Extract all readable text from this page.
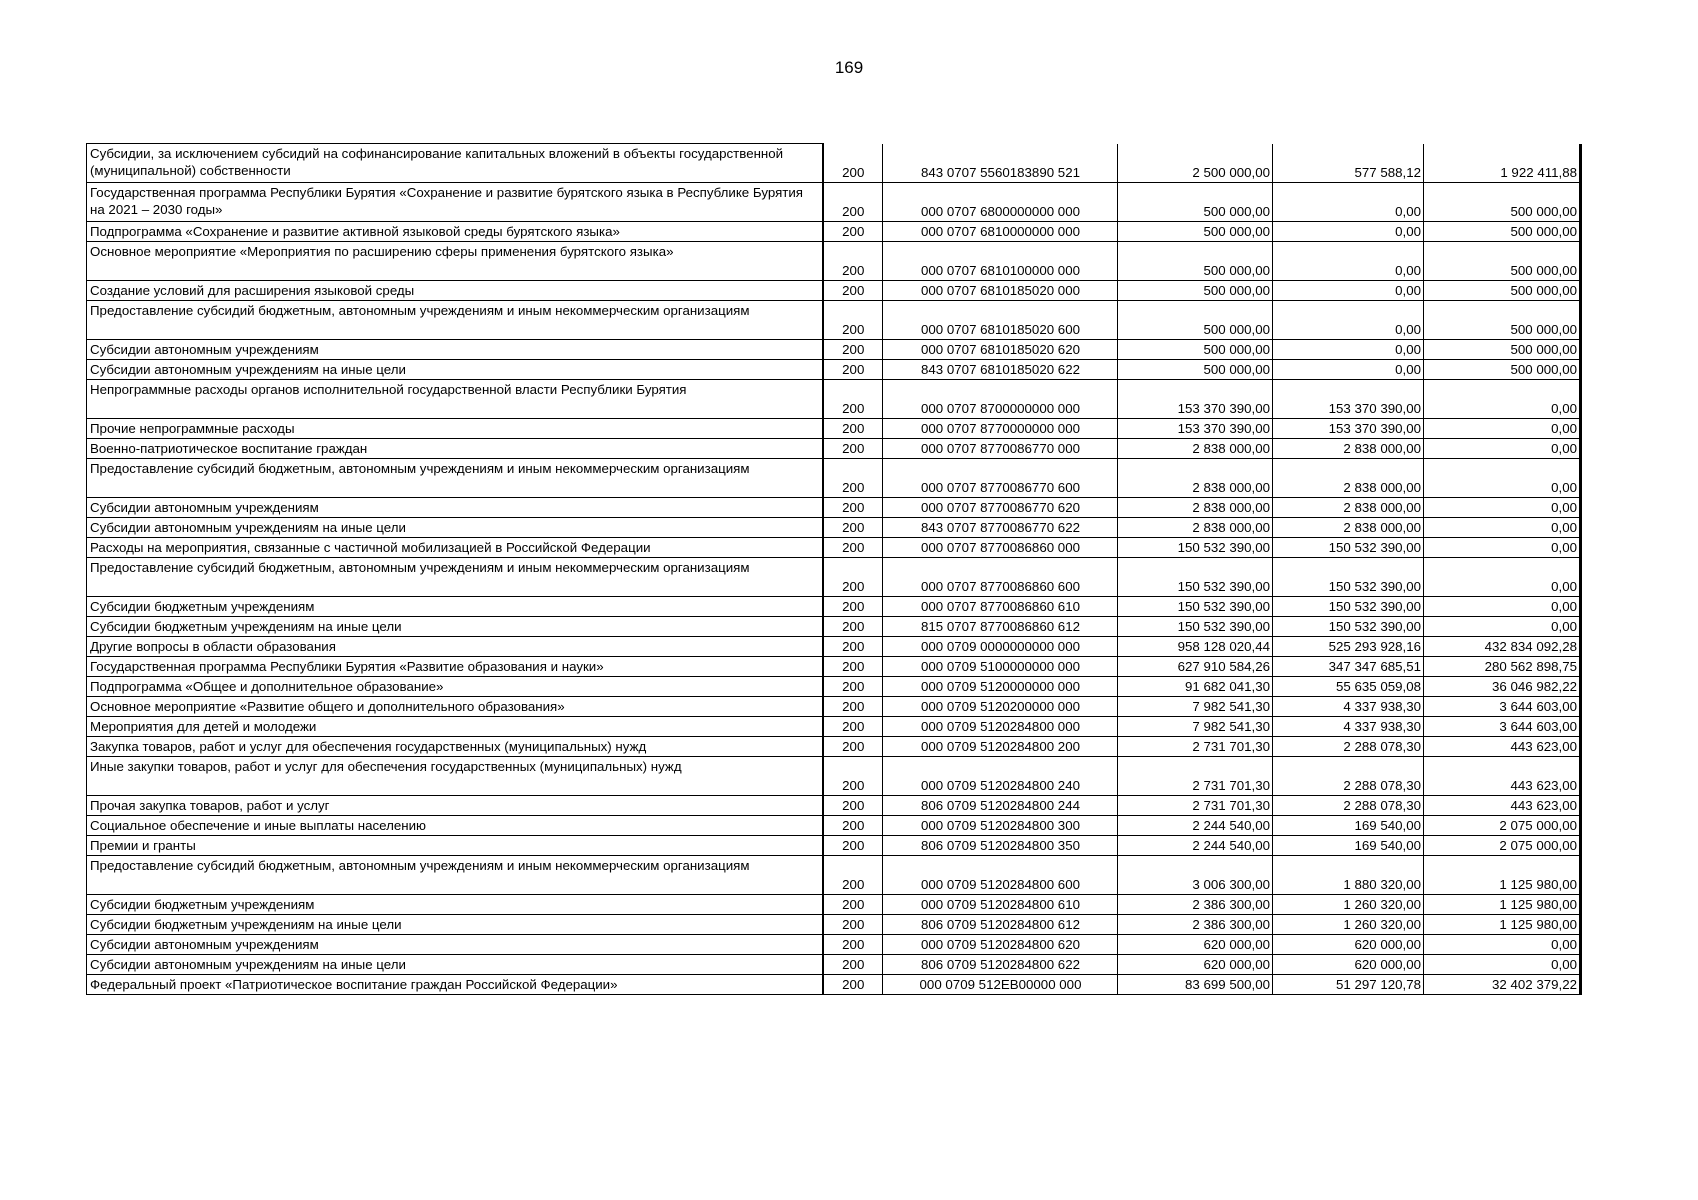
169
Субсидии, за исключением субсидий на софинансирование капитальных вложений в объекты государственной (муниципальной) собственности	200	843 0707 5560183890 521	2 500 000,00	577 588,12	1 922 411,88
Государственная программа Республики Бурятия «Сохранение и развитие бурятского языка в Республике Бурятия на 2021 – 2030 годы»	200	000 0707 6800000000 000	500 000,00	0,00	500 000,00
Подпрограмма «Сохранение и развитие активной языковой среды бурятского языка»	200	000 0707 6810000000 000	500 000,00	0,00	500 000,00
Основное мероприятие «Мероприятия по расширению сферы применения бурятского языка»	200	000 0707 6810100000 000	500 000,00	0,00	500 000,00
Создание условий для расширения языковой среды	200	000 0707 6810185020 000	500 000,00	0,00	500 000,00
Предоставление субсидий бюджетным, автономным учреждениям и иным некоммерческим организациям	200	000 0707 6810185020 600	500 000,00	0,00	500 000,00
Субсидии автономным учреждениям	200	000 0707 6810185020 620	500 000,00	0,00	500 000,00
Субсидии автономным учреждениям на иные цели	200	843 0707 6810185020 622	500 000,00	0,00	500 000,00
Непрограммные расходы органов исполнительной государственной власти Республики Бурятия	200	000 0707 8700000000 000	153 370 390,00	153 370 390,00	0,00
Прочие непрограммные расходы	200	000 0707 8770000000 000	153 370 390,00	153 370 390,00	0,00
Военно-патриотическое воспитание граждан	200	000 0707 8770086770 000	2 838 000,00	2 838 000,00	0,00
Предоставление субсидий бюджетным, автономным учреждениям и иным некоммерческим организациям	200	000 0707 8770086770 600	2 838 000,00	2 838 000,00	0,00
Субсидии автономным учреждениям	200	000 0707 8770086770 620	2 838 000,00	2 838 000,00	0,00
Субсидии автономным учреждениям на иные цели	200	843 0707 8770086770 622	2 838 000,00	2 838 000,00	0,00
Расходы на мероприятия, связанные с частичной мобилизацией в Российской Федерации	200	000 0707 8770086860 000	150 532 390,00	150 532 390,00	0,00
Предоставление субсидий бюджетным, автономным учреждениям и иным некоммерческим организациям	200	000 0707 8770086860 600	150 532 390,00	150 532 390,00	0,00
Субсидии бюджетным учреждениям	200	000 0707 8770086860 610	150 532 390,00	150 532 390,00	0,00
Субсидии бюджетным учреждениям на иные цели	200	815 0707 8770086860 612	150 532 390,00	150 532 390,00	0,00
Другие вопросы в области образования	200	000 0709 0000000000 000	958 128 020,44	525 293 928,16	432 834 092,28
Государственная программа Республики Бурятия «Развитие образования и науки»	200	000 0709 5100000000 000	627 910 584,26	347 347 685,51	280 562 898,75
Подпрограмма «Общее и дополнительное образование»	200	000 0709 5120000000 000	91 682 041,30	55 635 059,08	36 046 982,22
Основное мероприятие «Развитие общего и дополнительного образования»	200	000 0709 5120200000 000	7 982 541,30	4 337 938,30	3 644 603,00
Мероприятия для детей и молодежи	200	000 0709 5120284800 000	7 982 541,30	4 337 938,30	3 644 603,00
Закупка товаров, работ и услуг для обеспечения государственных (муниципальных) нужд	200	000 0709 5120284800 200	2 731 701,30	2 288 078,30	443 623,00
Иные закупки товаров, работ и услуг для обеспечения государственных (муниципальных) нужд	200	000 0709 5120284800 240	2 731 701,30	2 288 078,30	443 623,00
Прочая закупка товаров, работ и услуг	200	806 0709 5120284800 244	2 731 701,30	2 288 078,30	443 623,00
Социальное обеспечение и иные выплаты населению	200	000 0709 5120284800 300	2 244 540,00	169 540,00	2 075 000,00
Премии и гранты	200	806 0709 5120284800 350	2 244 540,00	169 540,00	2 075 000,00
Предоставление субсидий бюджетным, автономным учреждениям и иным некоммерческим организациям	200	000 0709 5120284800 600	3 006 300,00	1 880 320,00	1 125 980,00
Субсидии бюджетным учреждениям	200	000 0709 5120284800 610	2 386 300,00	1 260 320,00	1 125 980,00
Субсидии бюджетным учреждениям на иные цели	200	806 0709 5120284800 612	2 386 300,00	1 260 320,00	1 125 980,00
Субсидии автономным учреждениям	200	000 0709 5120284800 620	620 000,00	620 000,00	0,00
Субсидии автономным учреждениям на иные цели	200	806 0709 5120284800 622	620 000,00	620 000,00	0,00
Федеральный проект «Патриотическое воспитание граждан Российской Федерации»	200	000 0709 512EB00000 000	83 699 500,00	51 297 120,78	32 402 379,22
